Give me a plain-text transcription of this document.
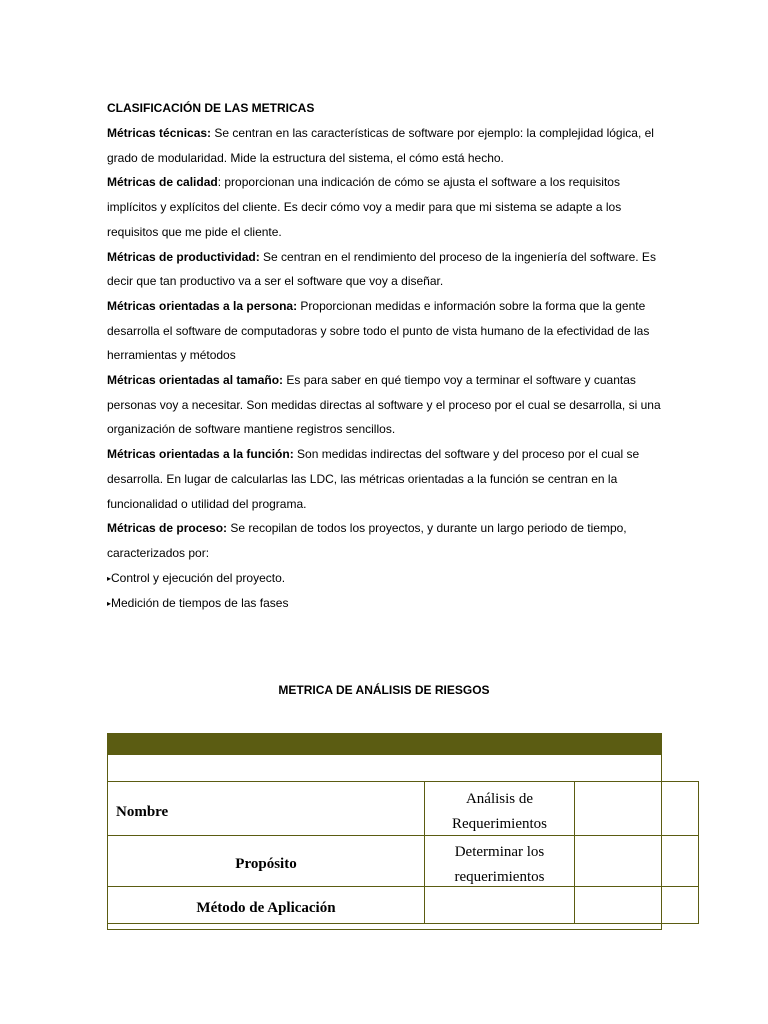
CLASIFICACIÓN DE LAS METRICAS

Métricas técnicas: Se centran en las características de software por ejemplo: la complejidad lógica, el grado de modularidad. Mide la estructura del sistema, el cómo está hecho.

Métricas de calidad: proporcionan una indicación de cómo se ajusta el software a los requisitos implícitos y explícitos del cliente. Es decir cómo voy a medir para que mi sistema se adapte a los requisitos que me pide el cliente.

Métricas de productividad: Se centran en el rendimiento del proceso de la ingeniería del software. Es decir que tan productivo va a ser el software que voy a diseñar.

Métricas orientadas a la persona: Proporcionan medidas e información sobre la forma que la gente desarrolla el software de computadoras y sobre todo el punto de vista humano de la efectividad de las herramientas y métodos

Métricas orientadas al tamaño: Es para saber en qué tiempo voy a terminar el software y cuantas personas voy a necesitar. Son medidas directas al software y el proceso por el cual se desarrolla, si una organización de software mantiene registros sencillos.

Métricas orientadas a la función: Son medidas indirectas del software y del proceso por el cual se desarrolla. En lugar de calcularlas las LDC, las métricas orientadas a la función se centran en la funcionalidad o utilidad del programa.

Métricas de proceso: Se recopilan de todos los proyectos, y durante un largo periodo de tiempo, caracterizados por:

▸Control y ejecución del proyecto.

▸Medición de tiempos de las fases

METRICA DE ANÁLISIS DE RIESGOS

Nombre
Análisis de Requerimientos
Propósito
Determinar los requerimientos
Método de Aplicación
